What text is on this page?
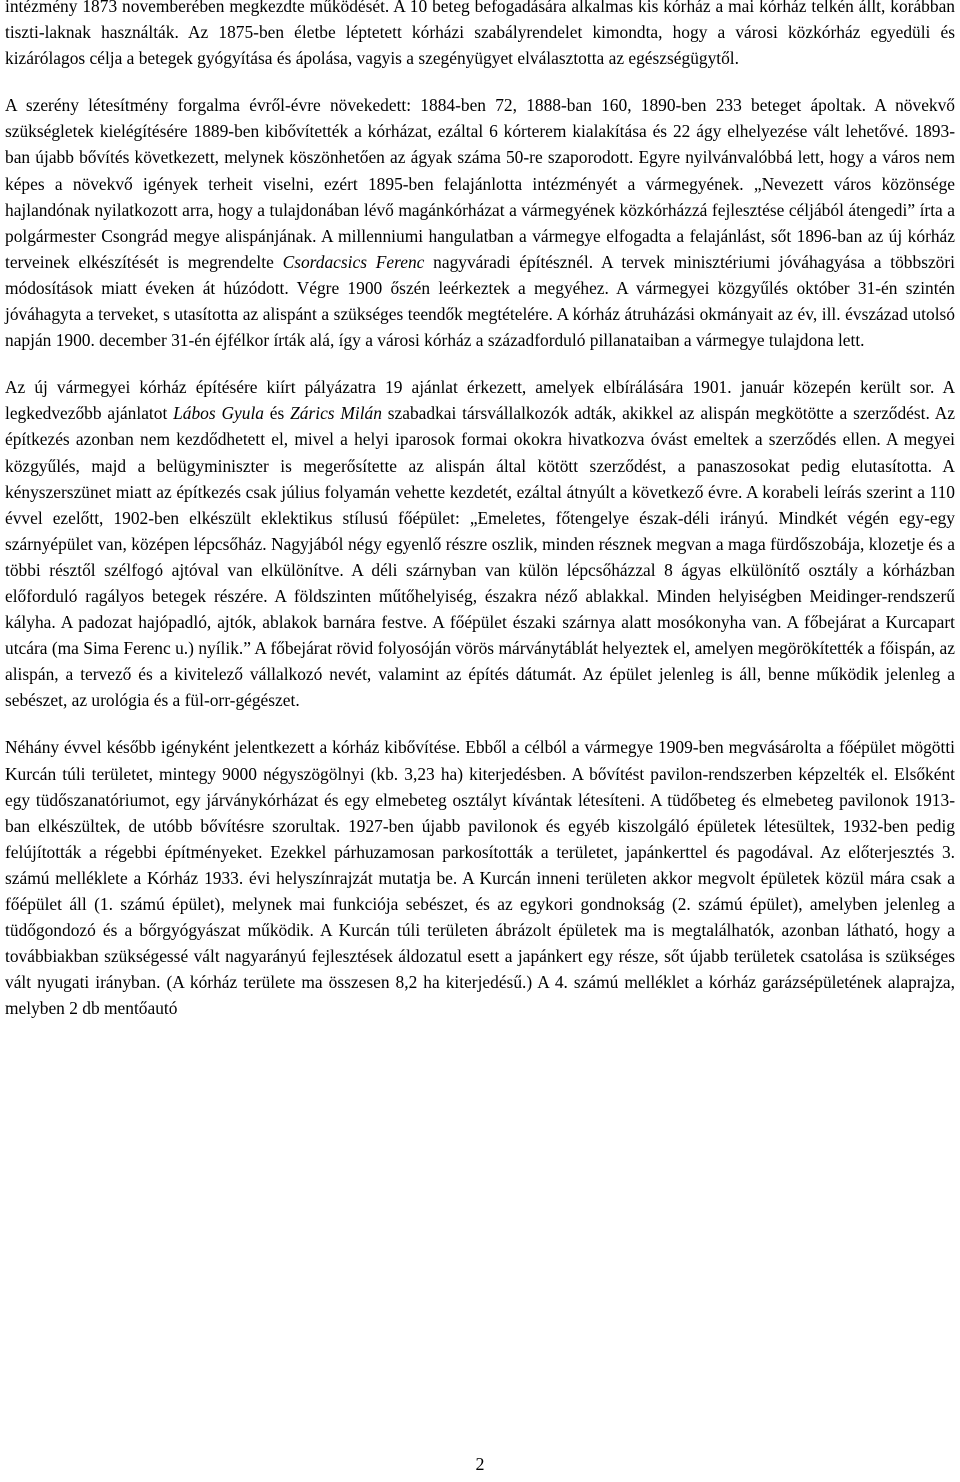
intézmény 1873 novemberében megkezdte működését. A 10 beteg befogadására alkalmas kis kórház a mai kórház telkén állt, korábban tiszti-laknak használták. Az 1875-ben életbe léptetett kórházi szabályrendelet kimondta, hogy a városi közkórház egyedüli és kizárólagos célja a betegek gyógyítása és ápolása, vagyis a szegényügyet elválasztotta az egészségügytől.

A szerény létesítmény forgalma évről-évre növekedett: 1884-ben 72, 1888-ban 160, 1890-ben 233 beteget ápoltak. A növekvő szükségletek kielégítésére 1889-ben kibővítették a kórházat, ezáltal 6 kórterem kialakítása és 22 ágy elhelyezése vált lehetővé. 1893-ban újabb bővítés következett, melynek köszönhetően az ágyak száma 50-re szaporodott. Egyre nyilvánvalóbbá lett, hogy a város nem képes a növekvő igények terheit viselni, ezért 1895-ben felajánlotta intézményét a vármegyének. „Nevezett város közönsége hajlandónak nyilatkozott arra, hogy a tulajdonában lévő magánkórházat a vármegyének közkórházzá fejlesztése céljából átengedi” írta a polgármester Csongrád megye alispánjának. A millenniumi hangulatban a vármegye elfogadta a felajánlást, sőt 1896-ban az új kórház terveinek elkészítését is megrendelte Csordacsics Ferenc nagyváradi építésznél. A tervek minisztériumi jóváhagyása a többszöri módosítások miatt éveken át húzódott. Végre 1900 őszén leérkeztek a megyéhez. A vármegyei közgyűlés október 31-én szintén jóváhagyta a terveket, s utasította az alispánt a szükséges teendők megtételére. A kórház átruházási okmányait az év, ill. évszázad utolsó napján 1900. december 31-én éjfélkor írták alá, így a városi kórház a századforduló pillanataiban a vármegye tulajdona lett.

Az új vármegyei kórház építésére kiírt pályázatra 19 ajánlat érkezett, amelyek elbírálására 1901. január közepén került sor. A legkedvezőbb ajánlatot Lábos Gyula és Zárics Milán szabadkai társvállalkozók adták, akikkel az alispán megkötötte a szerződést. Az építkezés azonban nem kezdődhetett el, mivel a helyi iparosok formai okokra hivatkozva óvást emeltek a szerződés ellen. A megyei közgyűlés, majd a belügyminiszter is megerősítette az alispán által kötött szerződést, a panaszosokat pedig elutasította. A kényszerszünet miatt az építkezés csak július folyamán vehette kezdetét, ezáltal átnyúlt a következő évre. A korabeli leírás szerint a 110 évvel ezelőtt, 1902-ben elkészült eklektikus stílusú főépület: „Emeletes, főtengelye észak-déli irányú. Mindkét végén egy-egy szárnyépület van, középen lépcsőház. Nagyjából négy egyenlő részre oszlik, minden résznek megvan a maga fürdőszobája, klozetje és a többi résztől szélfogó ajtóval van elkülönítve. A déli szárnyban van külön lépcsőházzal 8 ágyas elkülönítő osztály a kórházban előforduló ragályos betegek részére. A földszinten műtőhelyiség, északra néző ablakkal. Minden helyiségben Meidinger-rendszerű kályha. A padozat hajópadló, ajtók, ablakok barnára festve. A főépület északi szárnya alatt mosókonyha van. A főbejárat a Kurcapart utcára (ma Sima Ferenc u.) nyílik.” A főbejárat rövid folyosóján vörös márványtáblát helyeztek el, amelyen megörökítették a főispán, az alispán, a tervező és a kivitelező vállalkozó nevét, valamint az építés dátumát. Az épület jelenleg is áll, benne működik jelenleg a sebészet, az urológia és a fül-orr-gégészet.

Néhány évvel később igényként jelentkezett a kórház kibővítése. Ebből a célból a vármegye 1909-ben megvásárolta a főépület mögötti Kurcán túli területet, mintegy 9000 négyszögölnyi (kb. 3,23 ha) kiterjedésben. A bővítést pavilon-rendszerben képzelték el. Elsőként egy tüdőszanatóriumot, egy járványkórházat és egy elmebeteg osztályt kívántak létesíteni. A tüdőbeteg és elmebeteg pavilonok 1913-ban elkészültek, de utóbb bővítésre szorultak. 1927-ben újabb pavilonok és egyéb kiszolgáló épületek létesültek, 1932-ben pedig felújították a régebbi építményeket. Ezekkel párhuzamosan parkosították a területet, japánkerttel és pagodával. Az előterjesztés 3. számú melléklete a Kórház 1933. évi helyszínrajzát mutatja be. A Kurcán inneni területen akkor megvolt épületek közül mára csak a főépület áll (1. számú épület), melynek mai funkciója sebészet, és az egykori gondnokság (2. számú épület), amelyben jelenleg a tüdőgondozó és a bőrgyógyászat működik. A Kurcán túli területen ábrázolt épületek ma is megtalálhatók, azonban látható, hogy a továbbiakban szükségessé vált nagyarányú fejlesztések áldozatul esett a japánkert egy része, sőt újabb területek csatolása is szükséges vált nyugati irányban. (A kórház területe ma összesen 8,2 ha kiterjedésű.) A 4. számú melléklet a kórház garázsépületének alaprajza, melyben 2 db mentőautó

2
